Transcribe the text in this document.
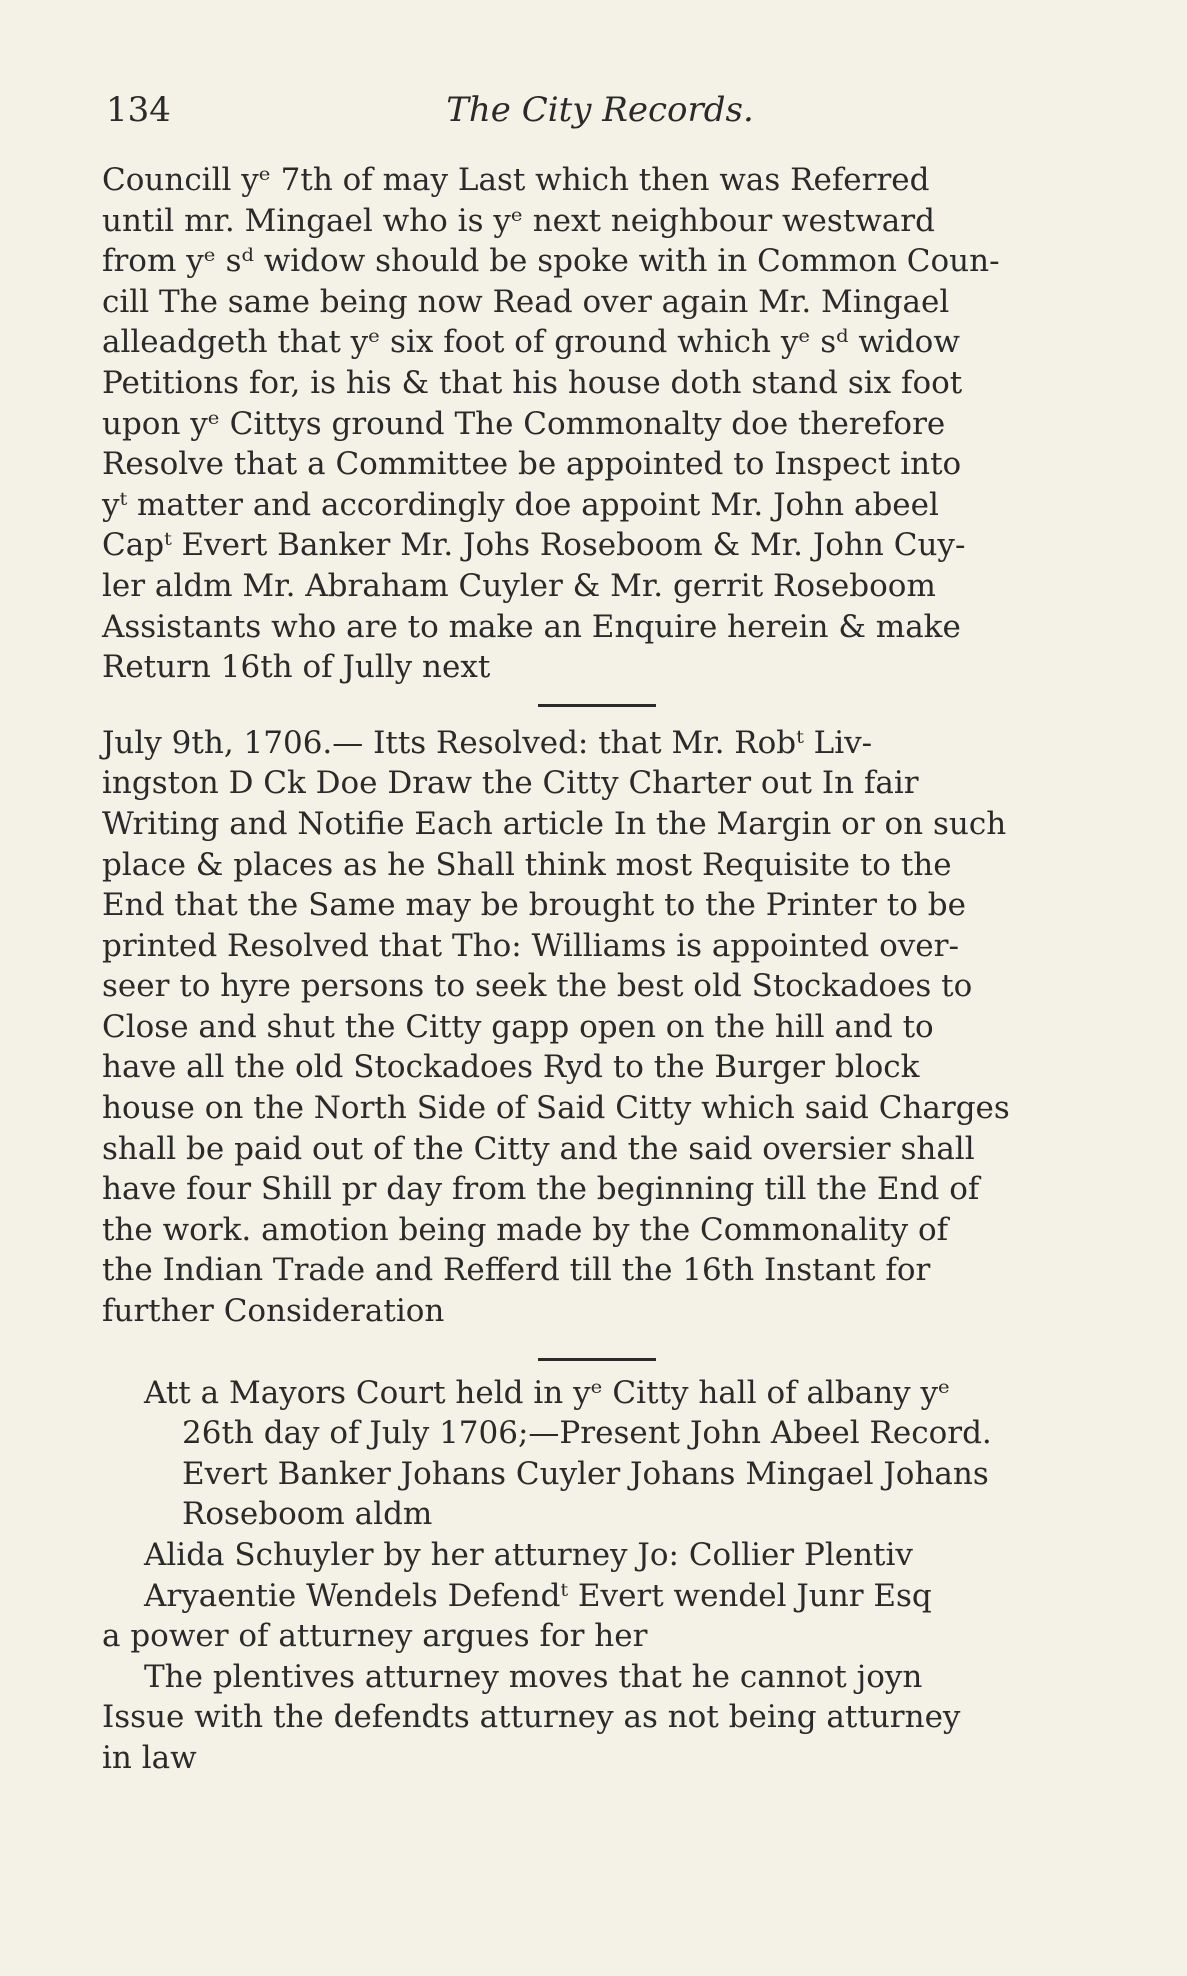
134	The City Records.
Councill yᵉ 7th of may Last which then was Referred
until mr. Mingael who is yᵉ next neighbour westward
from yᵉ sᵈ widow should be spoke with in Common Coun-
cill The same being now Read over again Mr. Mingael
alleadgeth that yᵉ six foot of ground which yᵉ sᵈ widow
Petitions for, is his & that his house doth stand six foot
upon yᵉ Cittys ground The Commonalty doe therefore
Resolve that a Committee be appointed to Inspect into
yᵗ matter and accordingly doe appoint Mr. John abeel
Capᵗ Evert Banker Mr. Johs Roseboom & Mr. John Cuy-
ler aldm Mr. Abraham Cuyler & Mr. gerrit Roseboom
Assistants who are to make an Enquire herein & make
Return 16th of Jully next
July 9th, 1706.— Itts Resolved: that Mr. Robᵗ Liv-
ingston D Ck Doe Draw the Citty Charter out In fair
Writing and Notifie Each article In the Margin or on such
place & places as he Shall think most Requisite to the
End that the Same may be brought to the Printer to be
printed Resolved that Tho: Williams is appointed over-
seer to hyre persons to seek the best old Stockadoes to
Close and shut the Citty gapp open on the hill and to
have all the old Stockadoes Ryd to the Burger block
house on the North Side of Said Citty which said Charges
shall be paid out of the Citty and the said oversier shall
have four Shill pr day from the beginning till the End of
the work. amotion being made by the Commonality of
the Indian Trade and Refferd till the 16th Instant for
further Consideration
Att a Mayors Court held in yᵉ Citty hall of albany yᵉ
26th day of July 1706;—Present John Abeel Record.
Evert Banker Johans Cuyler Johans Mingael Johans
Roseboom aldm
Alida Schuyler by her atturney Jo: Collier Plentiv
Aryaentie Wendels Defendᵗ Evert wendel Junr Esq
a power of atturney argues for her
The plentives atturney moves that he cannot joyn
Issue with the defendts atturney as not being atturney
in law
